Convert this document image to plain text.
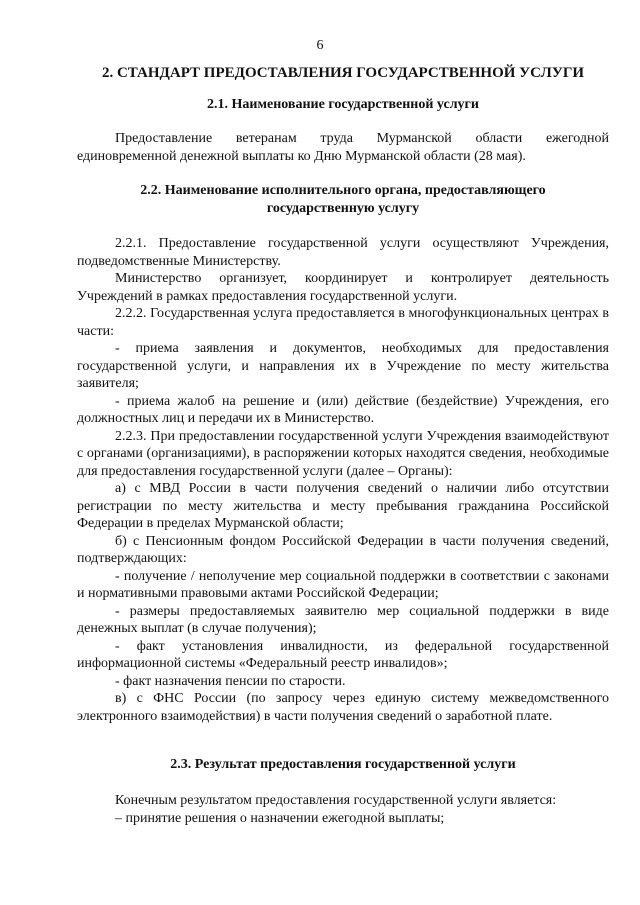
6
2. СТАНДАРТ ПРЕДОСТАВЛЕНИЯ ГОСУДАРСТВЕННОЙ УСЛУГИ
2.1. Наименование государственной услуги

Предоставление ветеранам труда Мурманской области ежегодной единовременной денежной выплаты ко Дню Мурманской области (28 мая).

2.2. Наименование исполнительного органа, предоставляющего
государственную услугу

2.2.1. Предоставление государственной услуги осуществляют Учреждения, подведомственные Министерству.

Министерство организует, координирует и контролирует деятельность Учреждений в рамках предоставления государственной услуги.

2.2.2. Государственная услуга предоставляется в многофункциональных центрах в части:

- приема заявления и документов, необходимых для предоставления государственной услуги, и направления их в Учреждение по месту жительства заявителя;

- приема жалоб на решение и (или) действие (бездействие) Учреждения, его должностных лиц и передачи их в Министерство.

2.2.3. При предоставлении государственной услуги Учреждения взаимодействуют с органами (организациями), в распоряжении которых находятся сведения, необходимые для предоставления государственной услуги (далее – Органы):

а) с МВД России в части получения сведений о наличии либо отсутствии регистрации по месту жительства и месту пребывания гражданина Российской Федерации в пределах Мурманской области;

б) с Пенсионным фондом Российской Федерации в части получения сведений, подтверждающих:

- получение / неполучение мер социальной поддержки в соответствии с законами и нормативными правовыми актами Российской Федерации;

- размеры предоставляемых заявителю мер социальной поддержки в виде денежных выплат (в случае получения);

- факт установления инвалидности, из федеральной государственной информационной системы «Федеральный реестр инвалидов»;

- факт назначения пенсии по старости.

в) с ФНС России (по запросу через единую систему межведомственного электронного взаимодействия) в части получения сведений о заработной плате.

2.3. Результат предоставления государственной услуги

Конечным результатом предоставления государственной услуги является:

– принятие решения о назначении ежегодной выплаты;
